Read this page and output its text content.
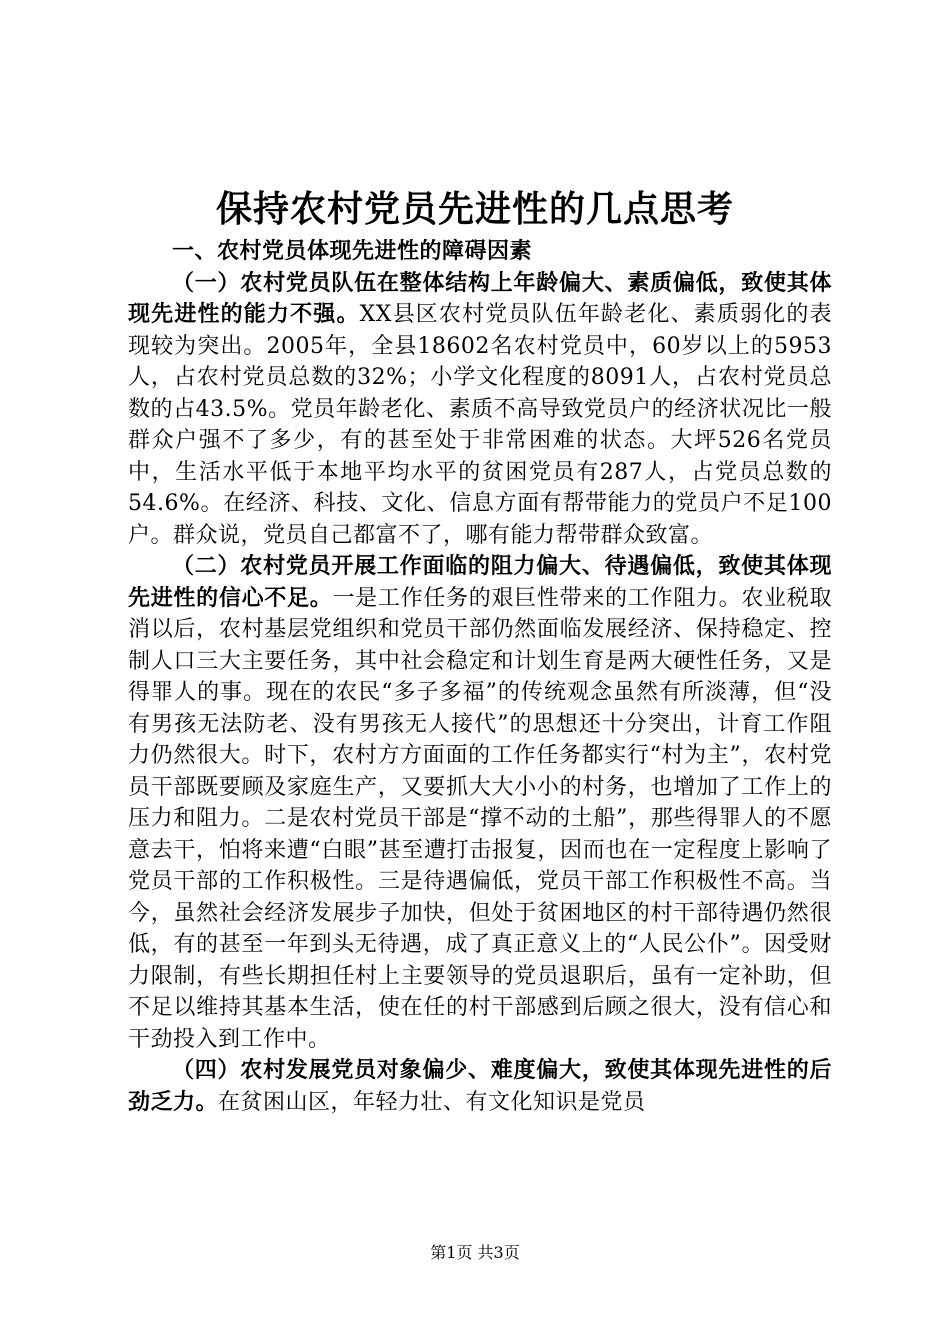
保持农村党员先进性的几点思考

一、农村党员体现先进性的障碍因素

（一）农村党员队伍在整体结构上年龄偏大、素质偏低，致使其体现先进性的能力不强。XX县区农村党员队伍年龄老化、素质弱化的表现较为突出。2005年，全县18602名农村党员中，60岁以上的5953人，占农村党员总数的32%；小学文化程度的8091人，占农村党员总数的占43.5%。党员年龄老化、素质不高导致党员户的经济状况比一般群众户强不了多少，有的甚至处于非常困难的状态。大坪526名党员中，生活水平低于本地平均水平的贫困党员有287人，占党员总数的54.6%。在经济、科技、文化、信息方面有帮带能力的党员户不足100户。群众说，党员自己都富不了，哪有能力帮带群众致富。

（二）农村党员开展工作面临的阻力偏大、待遇偏低，致使其体现先进性的信心不足。一是工作任务的艰巨性带来的工作阻力。农业税取消以后，农村基层党组织和党员干部仍然面临发展经济、保持稳定、控制人口三大主要任务，其中社会稳定和计划生育是两大硬性任务，又是得罪人的事。现在的农民“多子多福”的传统观念虽然有所淡薄，但“没有男孩无法防老、没有男孩无人接代”的思想还十分突出，计育工作阻力仍然很大。时下，农村方方面面的工作任务都实行“村为主”，农村党员干部既要顾及家庭生产，又要抓大大小小的村务，也增加了工作上的压力和阻力。二是农村党员干部是“撑不动的土船”，那些得罪人的不愿意去干，怕将来遭“白眼”甚至遭打击报复，因而也在一定程度上影响了党员干部的工作积极性。三是待遇偏低，党员干部工作积极性不高。当今，虽然社会经济发展步子加快，但处于贫困地区的村干部待遇仍然很低，有的甚至一年到头无待遇，成了真正意义上的“人民公仆”。因受财力限制，有些长期担任村上主要领导的党员退职后，虽有一定补助，但不足以维持其基本生活，使在任的村干部感到后顾之很大，没有信心和干劲投入到工作中。

（四）农村发展党员对象偏少、难度偏大，致使其体现先进性的后劲乏力。在贫困山区，年轻力壮、有文化知识是党员

第1页 共3页
